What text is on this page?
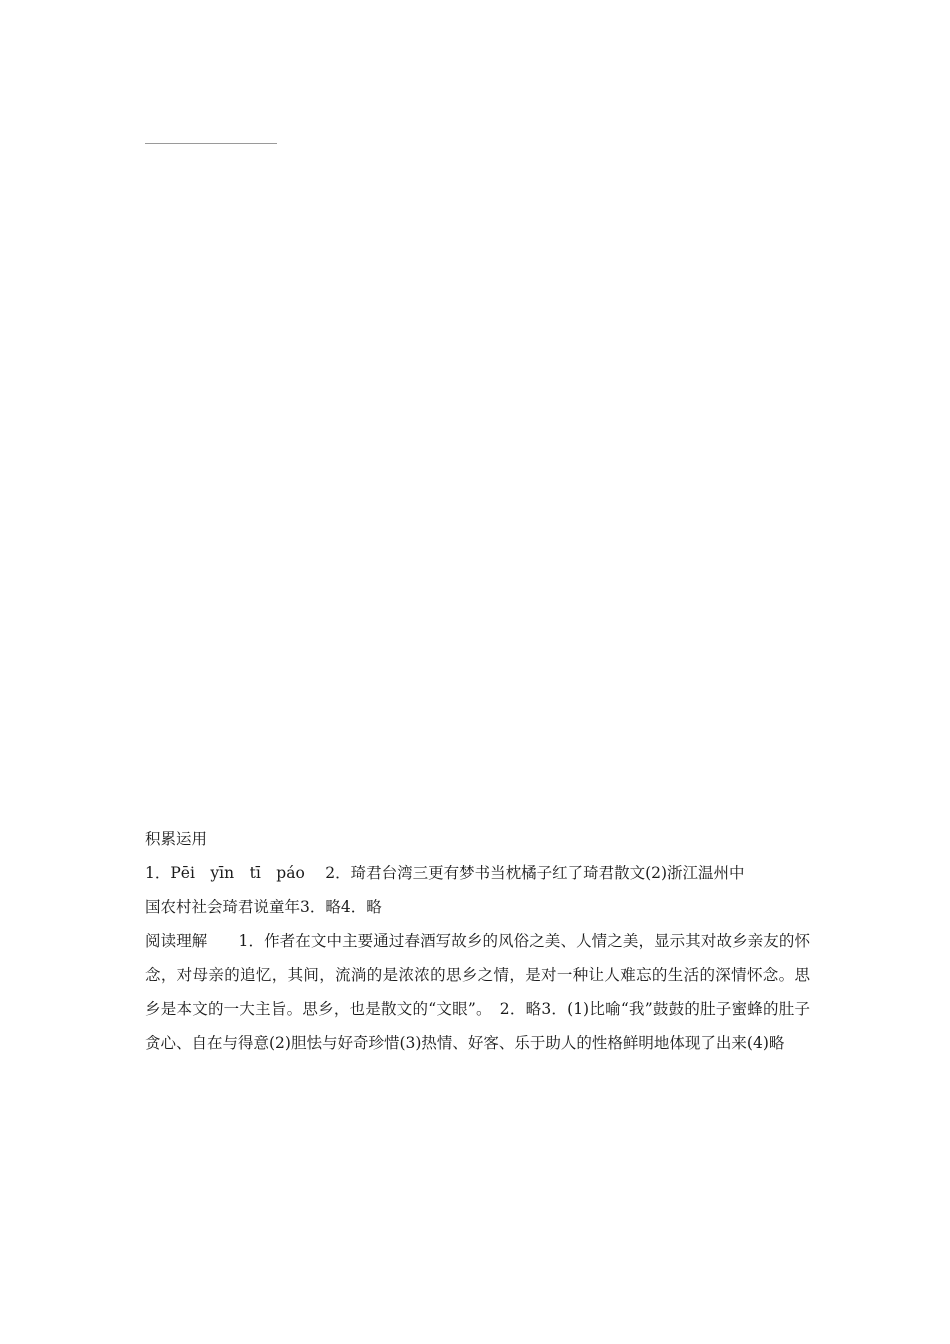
积累运用
1．Pēi　yīn　tī　páo　 2．琦君台湾三更有梦书当枕橘子红了琦君散文(2)浙江温州中
国农村社会琦君说童年3．略4．略
阅读理解　1．作者在文中主要通过春酒写故乡的风俗之美、人情之美，显示其对故乡亲友的怀念，对母亲的追忆，其间，流淌的是浓浓的思乡之情，是对一种让人难忘的生活的深情怀念。思乡是本文的一大主旨。思乡，也是散文的“文眼”。　2．略3．(1)比喻“我”鼓鼓的肚子蜜蜂的肚子贪心、自在与得意(2)胆怯与好奇珍惜(3)热情、好客、乐于助人的性格鲜明地体现了出来(4)略
